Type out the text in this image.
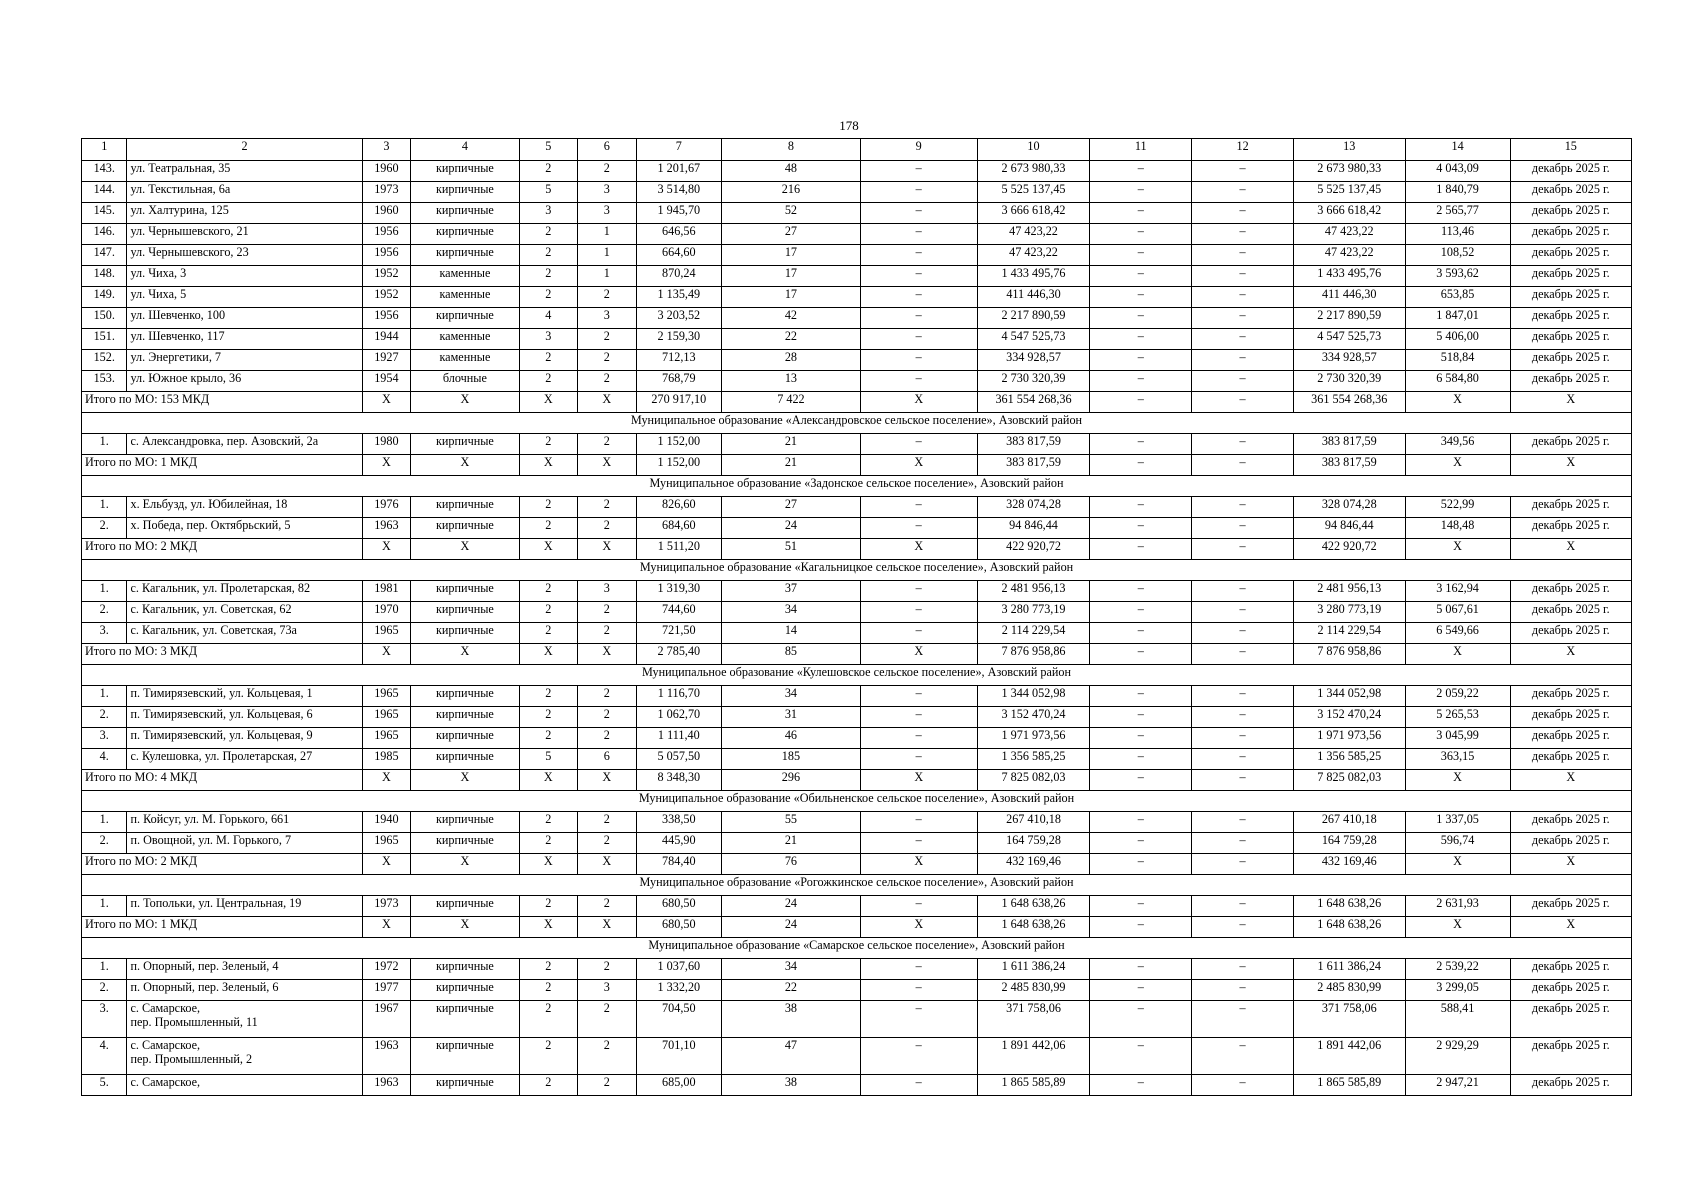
178
1	2	3	4	5	6	7	8	9	10	11	12	13	14	15
143.	ул. Театральная, 35	1960	кирпичные	2	2	1 201,67	48	–	2 673 980,33	–	–	2 673 980,33	4 043,09	декабрь 2025 г.
144.	ул. Текстильная, 6а	1973	кирпичные	5	3	3 514,80	216	–	5 525 137,45	–	–	5 525 137,45	1 840,79	декабрь 2025 г.
145.	ул. Халтурина, 125	1960	кирпичные	3	3	1 945,70	52	–	3 666 618,42	–	–	3 666 618,42	2 565,77	декабрь 2025 г.
146.	ул. Чернышевского, 21	1956	кирпичные	2	1	646,56	27	–	47 423,22	–	–	47 423,22	113,46	декабрь 2025 г.
147.	ул. Чернышевского, 23	1956	кирпичные	2	1	664,60	17	–	47 423,22	–	–	47 423,22	108,52	декабрь 2025 г.
148.	ул. Чиха, 3	1952	каменные	2	1	870,24	17	–	1 433 495,76	–	–	1 433 495,76	3 593,62	декабрь 2025 г.
149.	ул. Чиха, 5	1952	каменные	2	2	1 135,49	17	–	411 446,30	–	–	411 446,30	653,85	декабрь 2025 г.
150.	ул. Шевченко, 100	1956	кирпичные	4	3	3 203,52	42	–	2 217 890,59	–	–	2 217 890,59	1 847,01	декабрь 2025 г.
151.	ул. Шевченко, 117	1944	каменные	3	2	2 159,30	22	–	4 547 525,73	–	–	4 547 525,73	5 406,00	декабрь 2025 г.
152.	ул. Энергетики, 7	1927	каменные	2	2	712,13	28	–	334 928,57	–	–	334 928,57	518,84	декабрь 2025 г.
153.	ул. Южное крыло, 36	1954	блочные	2	2	768,79	13	–	2 730 320,39	–	–	2 730 320,39	6 584,80	декабрь 2025 г.
Итого по МО: 153 МКД		X	X	X	X	270 917,10	7 422	X	361 554 268,36	–	–	361 554 268,36	X	X
Муниципальное образование «Александровское сельское поселение», Азовский район														
1.	с. Александровка, пер. Азовский, 2а	1980	кирпичные	2	2	1 152,00	21	–	383 817,59	–	–	383 817,59	349,56	декабрь 2025 г.
Итого по МО: 1 МКД		X	X	X	X	1 152,00	21	X	383 817,59	–	–	383 817,59	X	X
Муниципальное образование «Задонское сельское поселение», Азовский район														
1.	х. Ельбузд, ул. Юбилейная, 18	1976	кирпичные	2	2	826,60	27	–	328 074,28	–	–	328 074,28	522,99	декабрь 2025 г.
2.	х. Победа, пер. Октябрьский, 5	1963	кирпичные	2	2	684,60	24	–	94 846,44	–	–	94 846,44	148,48	декабрь 2025 г.
Итого по МО: 2 МКД		X	X	X	X	1 511,20	51	X	422 920,72	–	–	422 920,72	X	X
Муниципальное образование «Кагальницкое сельское поселение», Азовский район														
1.	с. Кагальник, ул. Пролетарская, 82	1981	кирпичные	2	3	1 319,30	37	–	2 481 956,13	–	–	2 481 956,13	3 162,94	декабрь 2025 г.
2.	с. Кагальник, ул. Советская, 62	1970	кирпичные	2	2	744,60	34	–	3 280 773,19	–	–	3 280 773,19	5 067,61	декабрь 2025 г.
3.	с. Кагальник, ул. Советская, 73а	1965	кирпичные	2	2	721,50	14	–	2 114 229,54	–	–	2 114 229,54	6 549,66	декабрь 2025 г.
Итого по МО: 3 МКД		X	X	X	X	2 785,40	85	X	7 876 958,86	–	–	7 876 958,86	X	X
Муниципальное образование «Кулешовское сельское поселение», Азовский район														
1.	п. Тимирязевский, ул. Кольцевая, 1	1965	кирпичные	2	2	1 116,70	34	–	1 344 052,98	–	–	1 344 052,98	2 059,22	декабрь 2025 г.
2.	п. Тимирязевский, ул. Кольцевая, 6	1965	кирпичные	2	2	1 062,70	31	–	3 152 470,24	–	–	3 152 470,24	5 265,53	декабрь 2025 г.
3.	п. Тимирязевский, ул. Кольцевая, 9	1965	кирпичные	2	2	1 111,40	46	–	1 971 973,56	–	–	1 971 973,56	3 045,99	декабрь 2025 г.
4.	с. Кулешовка, ул. Пролетарская, 27	1985	кирпичные	5	6	5 057,50	185	–	1 356 585,25	–	–	1 356 585,25	363,15	декабрь 2025 г.
Итого по МО: 4 МКД		X	X	X	X	8 348,30	296	X	7 825 082,03	–	–	7 825 082,03	X	X
Муниципальное образование «Обильненское сельское поселение», Азовский район														
1.	п. Койсуг, ул. М. Горького, 661	1940	кирпичные	2	2	338,50	55	–	267 410,18	–	–	267 410,18	1 337,05	декабрь 2025 г.
2.	п. Овощной, ул. М. Горького, 7	1965	кирпичные	2	2	445,90	21	–	164 759,28	–	–	164 759,28	596,74	декабрь 2025 г.
Итого по МО: 2 МКД		X	X	X	X	784,40	76	X	432 169,46	–	–	432 169,46	X	X
Муниципальное образование «Рогожкинское сельское поселение», Азовский район														
1.	п. Топольки, ул. Центральная, 19	1973	кирпичные	2	2	680,50	24	–	1 648 638,26	–	–	1 648 638,26	2 631,93	декабрь 2025 г.
Итого по МО: 1 МКД		X	X	X	X	680,50	24	X	1 648 638,26	–	–	1 648 638,26	X	X
Муниципальное образование «Самарское сельское поселение», Азовский район														
1.	п. Опорный, пер. Зеленый, 4	1972	кирпичные	2	2	1 037,60	34	–	1 611 386,24	–	–	1 611 386,24	2 539,22	декабрь 2025 г.
2.	п. Опорный, пер. Зеленый, 6	1977	кирпичные	2	3	1 332,20	22	–	2 485 830,99	–	–	2 485 830,99	3 299,05	декабрь 2025 г.
3.	с. Самарское,
пер. Промышленный, 11	1967	кирпичные	2	2	704,50	38	–	371 758,06	–	–	371 758,06	588,41	декабрь 2025 г.
4.	с. Самарское,
пер. Промышленный, 2	1963	кирпичные	2	2	701,10	47	–	1 891 442,06	–	–	1 891 442,06	2 929,29	декабрь 2025 г.
5.	с. Самарское,	1963	кирпичные	2	2	685,00	38	–	1 865 585,89	–	–	1 865 585,89	2 947,21	декабрь 2025 г.
